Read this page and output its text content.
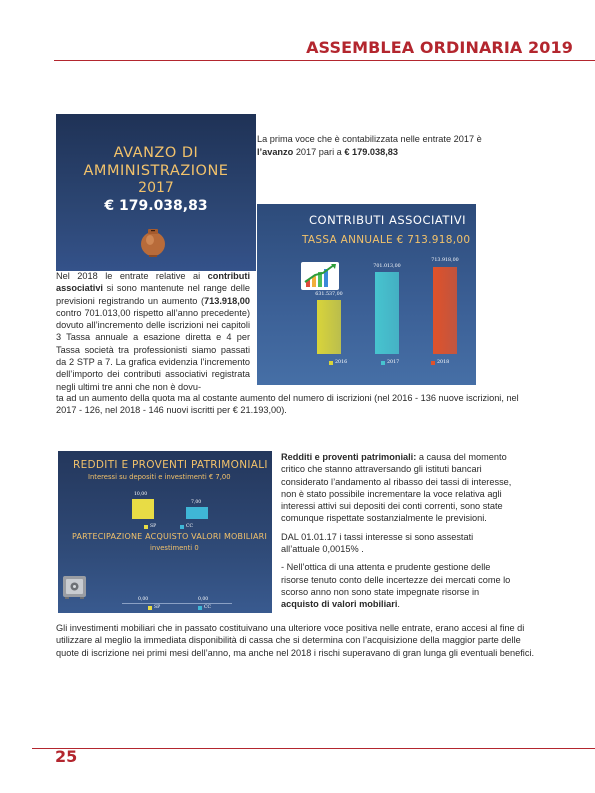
ASSEMBLEA ORDINARIA 2019
AVANZO DI
AMMINISTRAZIONE
2017
€ 179.038,83
La prima voce che è contabilizzata nelle entrate 2017 è
l’avanzo 2017 pari a € 179.038,83
CONTRIBUTI ASSOCIATIVI
TASSA ANNUALE € 713.918,00
631.537,00
701.013,00
713.918,00
2016	2017	2018
Nel 2018 le entrate relative ai contributi associativi si sono mantenute nel range delle previsioni registrando un aumento (713.918,00 contro 701.013,00 rispetto all’anno precedente) dovuto all’incremento delle iscrizioni nei capitoli 3 Tassa annuale a esazione diretta e 4 per Tassa società tra professionisti siamo passati da 2 STP a 7. La grafica evidenzia l’incremento dell’importo dei contributi associativi registrata negli ultimi tre anni che non è dovu-
ta ad un aumento della quota ma al costante aumento del numero di iscrizioni (nel 2016 - 136 nuove iscrizioni, nel 2017 - 126, nel 2018 - 146 nuovi iscritti per € 21.193,00).
REDDITI E PROVENTI PATRIMONIALI
Interessi su depositi e investimenti € 7,00
10,00
7,00
SP	CC
PARTECIPAZIONE ACQUISTO VALORI MOBILIARI
investimenti 0
0,00	0,00
SP	CC

Redditi e proventi patrimoniali: a causa del momento critico che stanno attraversando gli istituti bancari considerato l’andamento al ribasso dei tassi di interesse, non è stato possibile incrementare la voce relativa agli interessi attivi sui depositi dei conti correnti, sono state comunque rispettate sostanzialmente le previsioni.

DAL 01.01.17 i tassi interesse si sono assestati all’attuale 0,0015% .

- Nell’ottica di una attenta e prudente gestione delle risorse tenuto conto delle incertezze dei mercati come lo scorso anno non sono state impegnate risorse in acquisto di valori mobiliari.

Gli investimenti mobiliari che in passato costituivano una ulteriore voce positiva nelle entrate, erano accesi al fine di utilizzare al meglio la immediata disponibilità di cassa che si determina con l’acquisizione della maggior parte delle quote di iscrizione nei primi mesi dell’anno, ma anche nel 2018 i rischi superavano di gran lunga gli eventuali benefici.
25
